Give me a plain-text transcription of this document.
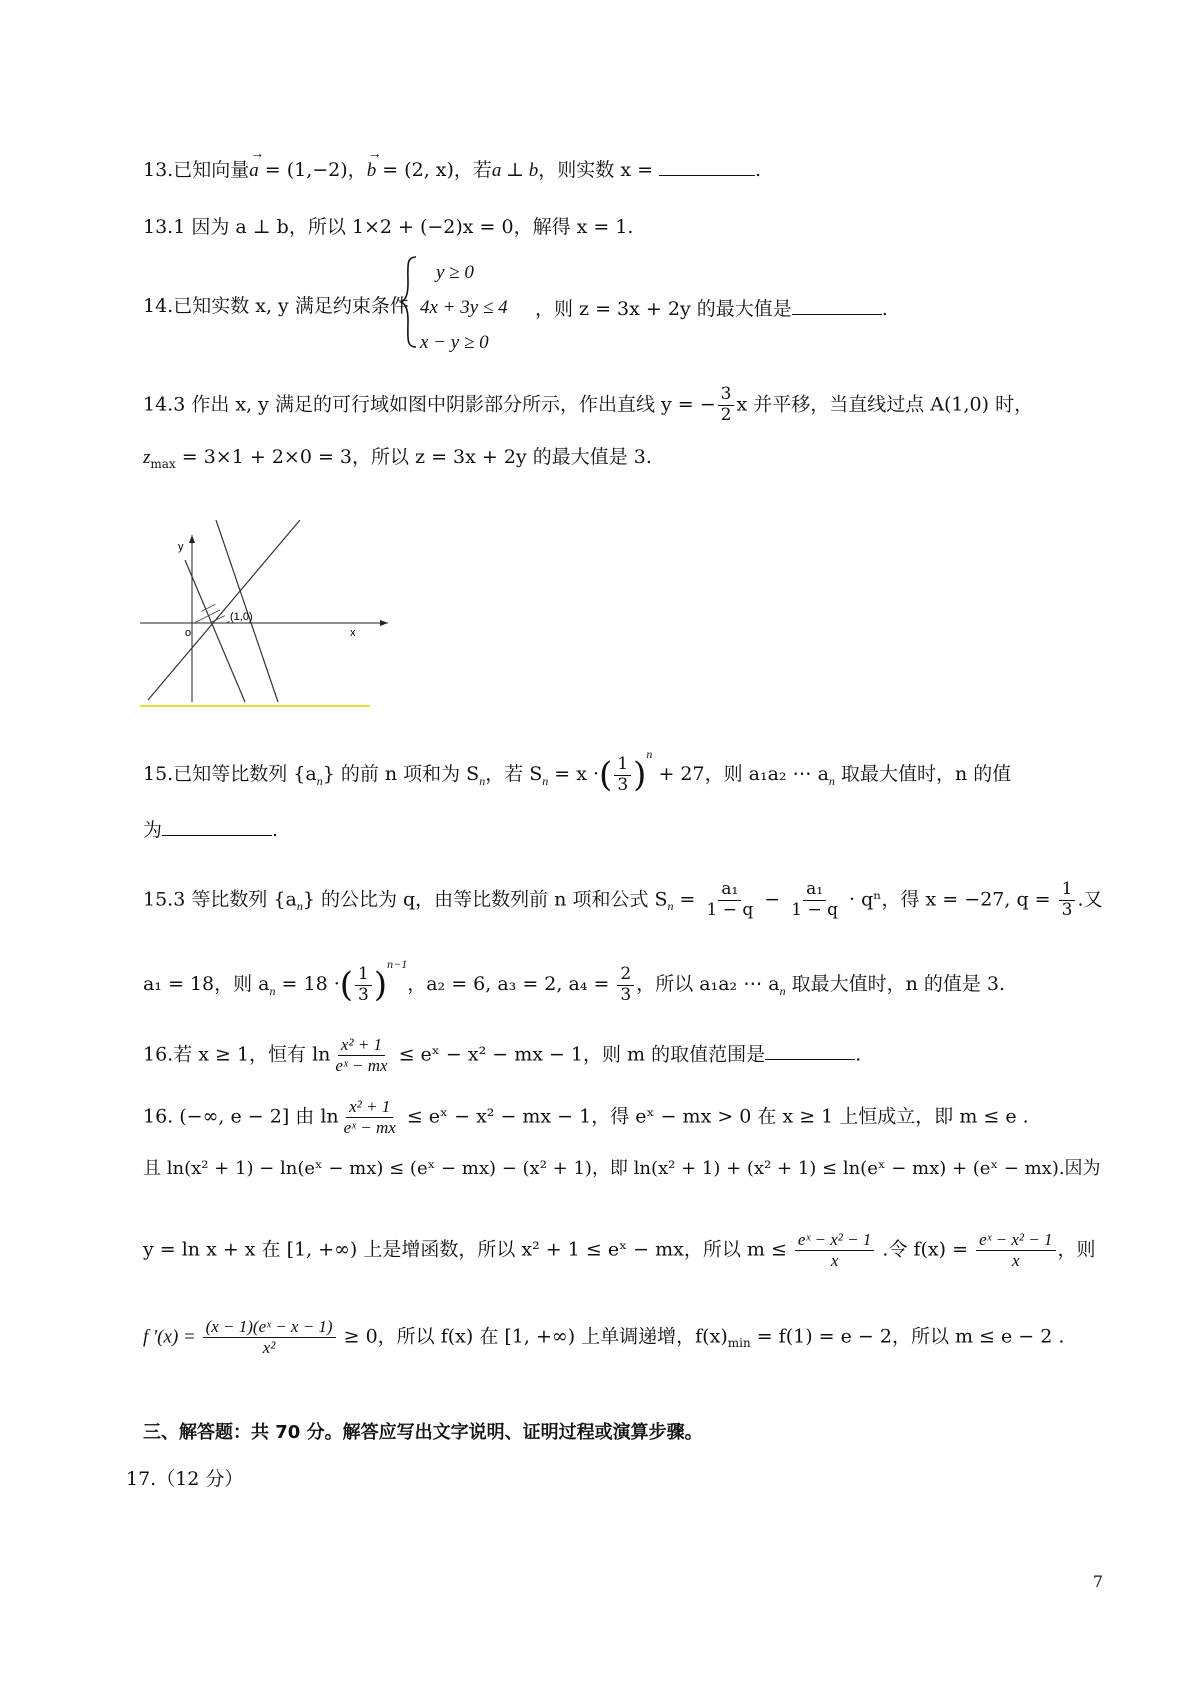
13.已知向量
→
a = (1,−2)，
→
b = (2, x)，若a ⊥ b，则实数 x =	.
13.1 因为 a ⊥ b，所以 1×2 + (−2)x = 0，解得 x = 1.
14.已知实数 x, y 满足约束条件
y ≥ 0
4x + 3y ≤ 4
x − y ≥ 0
，则 z = 3x + 2y 的最大值是	.
14.3 作出 x, y 满足的可行域如图中阴影部分所示，作出直线 y = − $\frac{3}{2}$ x 并平移，当直线过点 A(1,0) 时，
$z_{max} = 3\times 1 + 2\times 0 = 3$，所以 z = 3x + 2y 的最大值是 3.
y
x
o
(1,0)
15.已知等比数列 $\{a_n\}$ 的前 n 项和为 $S_n$，若 $S_n = x$ ·( $\frac{1}{3} )^n + 27$，则 a₁a₂ ⋯ $a_n$ 取最大值时，n 的值
为	.
15.3 等比数列 $\{a_n\}$ 的公比为 q，由等比数列前 n 项和公式 $S_n = \frac{\text{a₁}}{1 - q} - \frac{\text{a₁}}{1 - q} \cdot q^n$，得 x = −27, $q = \frac{1}{3}$ .又
a₁ = 18，则 $a_n = 18$ ·( $\frac{1}{3} )^{n-1}$，a₂ = 6, a₃ = 2, $a_4 = \frac{2}{3}$ ，所以 a₁a₂ ⋯ $a_n$ 取最大值时，n 的值是 3.
16.若 x ≥ 1，恒有 $\ln \frac{\text{x² + 1}}{\text{eˣ − mx}}$ ≤ eˣ − x² − mx − 1，则 m 的取值范围是	.
16. (−∞, e − 2] 由 $\ln \frac{\text{x² + 1}}{\text{eˣ − mx}}$ ≤ eˣ − x² − mx − 1，得 eˣ − mx > 0 在 x ≥ 1 上恒成立，即 m ≤ e .
且 ln(x² + 1) − ln(eˣ − mx) ≤ (eˣ − mx) − (x² + 1)，即 ln(x² + 1) + (x² + 1) ≤ ln(eˣ − mx) + (eˣ − mx).因为
y = ln x + x 在 [1, +∞) 上是增函数，所以 x² + 1 ≤ eˣ − mx，所以 $m \le \frac{\text{eˣ − x² − 1}}{x}$ .令 $f(x) = \frac{\text{eˣ − x² − 1}}{x}$ ，则
f $'(x) = \frac{\text{(x − 1)(eˣ − x − 1)}}{\text{x²}} \ge 0$，所以 f(x) 在 [1, +∞) 上单调递增，$f(x)_{min} = f(1) = e - 2$，所以 m ≤ e − 2 .
三、解答题：共 70 分。解答应写出文字说明、证明过程或演算步骤。
17.（12 分）
7
